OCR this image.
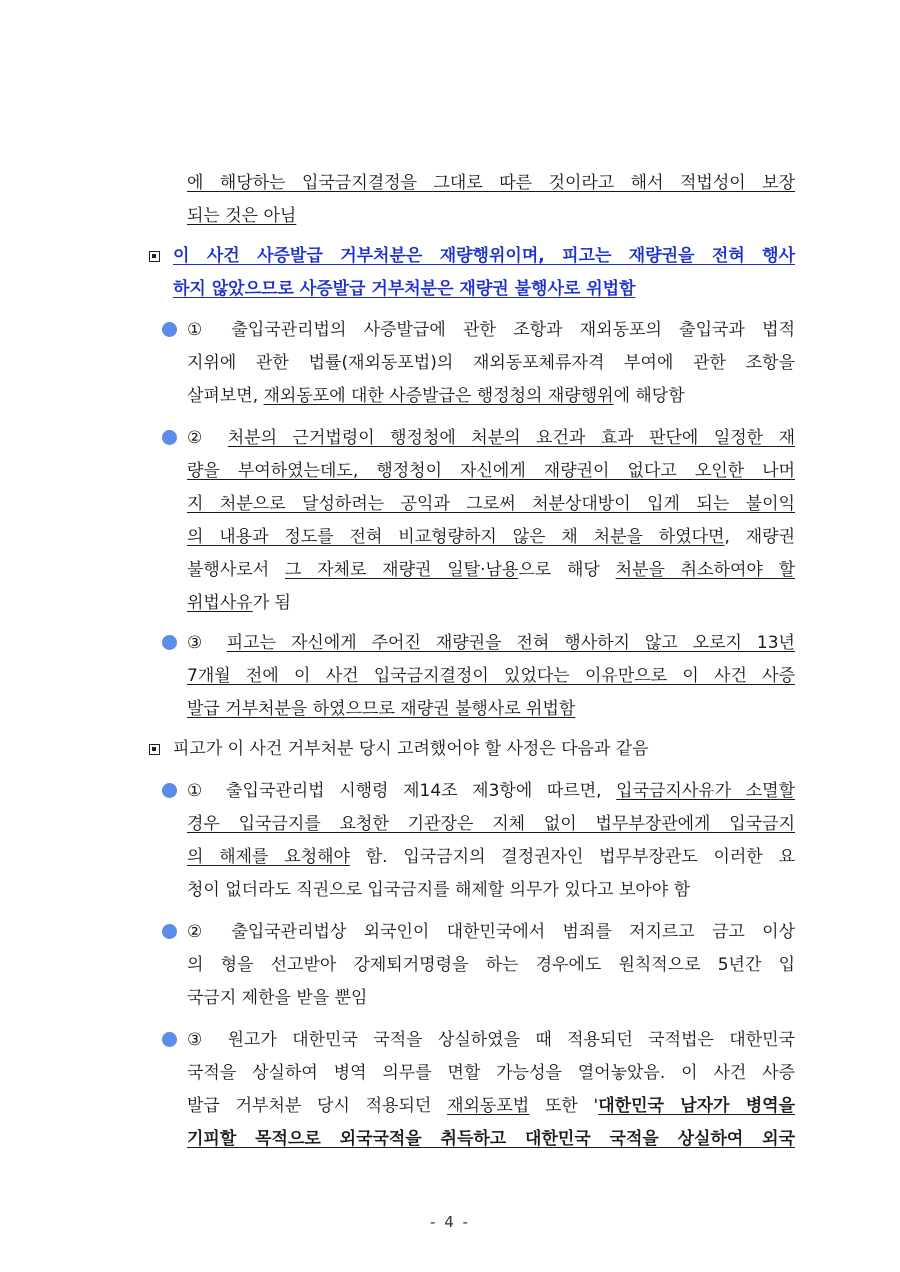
에 해당하는 입국금지결정을 그대로 따른 것이라고 해서 적법성이 보장
되는 것은 아님
이 사건 사증발급 거부처분은 재량행위이며, 피고는 재량권을 전혀 행사
하지 않았으므로 사증발급 거부처분은 재량권 불행사로 위법함
① 출입국관리법의 사증발급에 관한 조항과 재외동포의 출입국과 법적
지위에 관한 법률(재외동포법)의 재외동포체류자격 부여에 관한 조항을
살펴보면, 재외동포에 대한 사증발급은 행정청의 재량행위에 해당함
② 처분의 근거법령이 행정청에 처분의 요건과 효과 판단에 일정한 재
량을 부여하였는데도, 행정청이 자신에게 재량권이 없다고 오인한 나머
지 처분으로 달성하려는 공익과 그로써 처분상대방이 입게 되는 불이익
의 내용과 정도를 전혀 비교형량하지 않은 채 처분을 하였다면, 재량권
불행사로서 그 자체로 재량권 일탈·남용으로 해당 처분을 취소하여야 할
위법사유가 됨
③ 피고는 자신에게 주어진 재량권을 전혀 행사하지 않고 오로지 13년
7개월 전에 이 사건 입국금지결정이 있었다는 이유만으로 이 사건 사증
발급 거부처분을 하였으므로 재량권 불행사로 위법함
피고가 이 사건 거부처분 당시 고려했어야 할 사정은 다음과 같음
① 출입국관리법 시행령 제14조 제3항에 따르면, 입국금지사유가 소멸할
경우 입국금지를 요청한 기관장은 지체 없이 법무부장관에게 입국금지
의 해제를 요청해야 함. 입국금지의 결정권자인 법무부장관도 이러한 요
청이 없더라도 직권으로 입국금지를 해제할 의무가 있다고 보아야 함
② 출입국관리법상 외국인이 대한민국에서 범죄를 저지르고 금고 이상
의 형을 선고받아 강제퇴거명령을 하는 경우에도 원칙적으로 5년간 입
국금지 제한을 받을 뿐임
③ 원고가 대한민국 국적을 상실하였을 때 적용되던 국적법은 대한민국
국적을 상실하여 병역 의무를 면할 가능성을 열어놓았음. 이 사건 사증
발급 거부처분 당시 적용되던 재외동포법 또한 '대한민국 남자가 병역을
기피할 목적으로 외국국적을 취득하고 대한민국 국적을 상실하여 외국
- 4 -
